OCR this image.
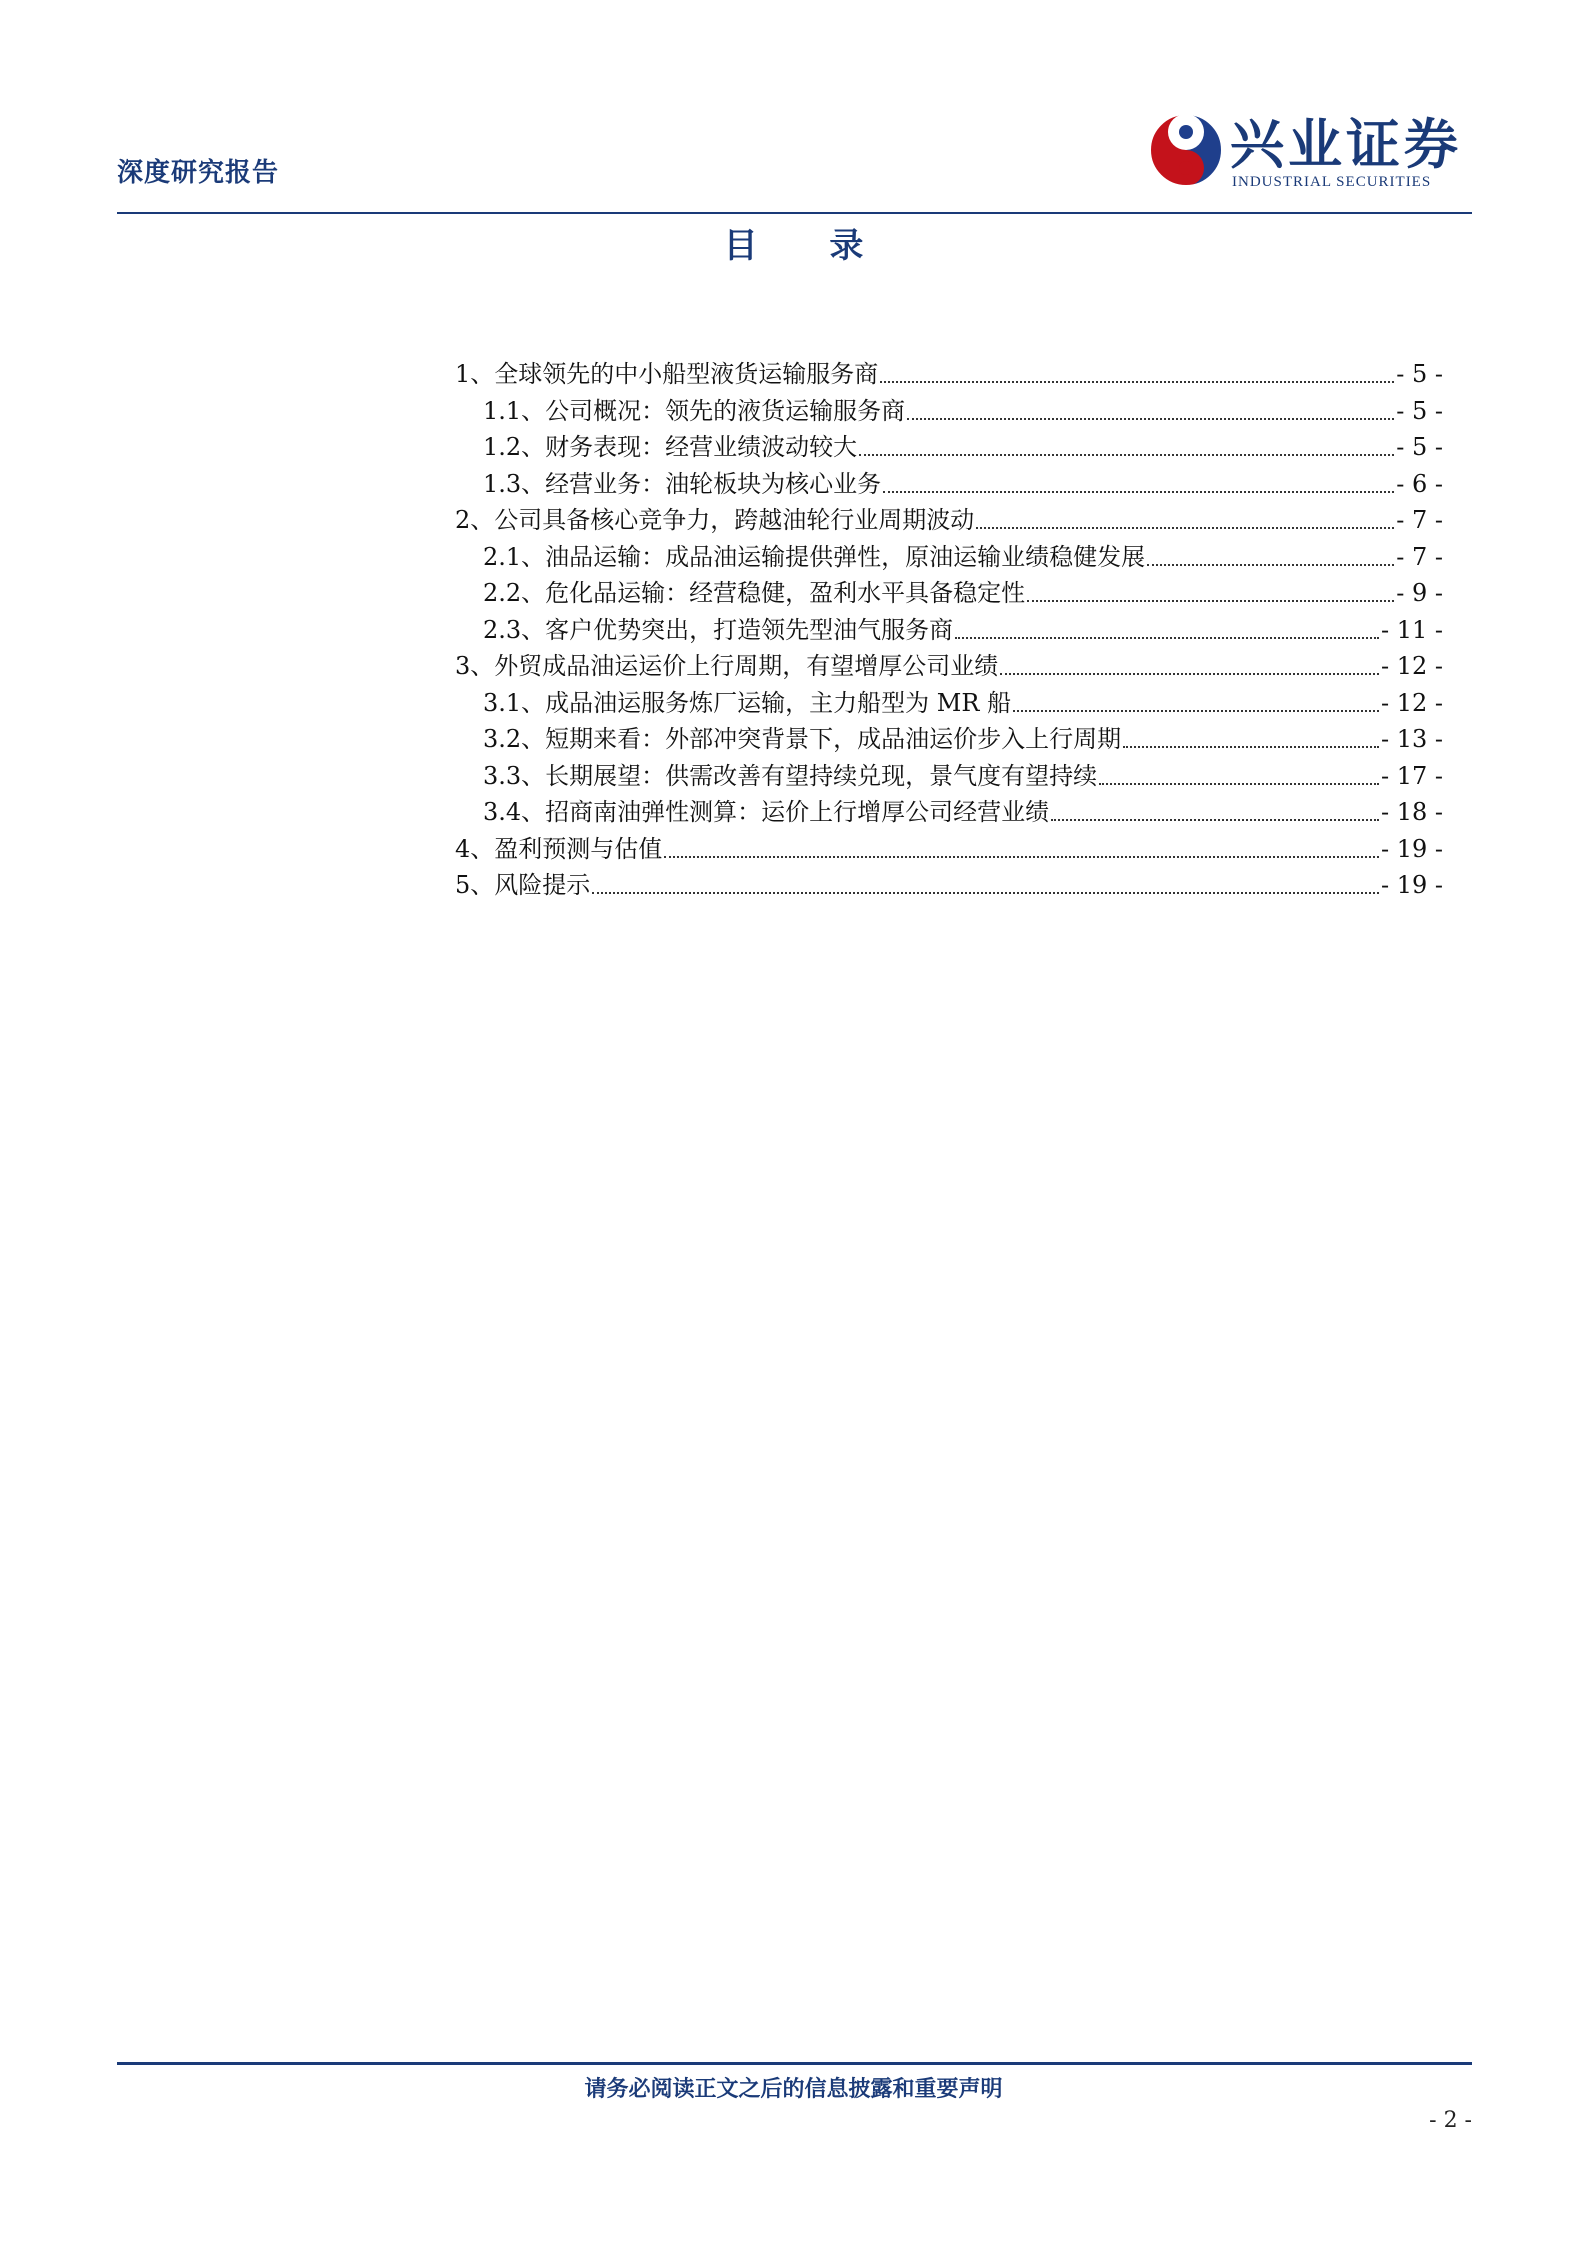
深度研究报告	兴业证券
INDUSTRIAL SECURITIES
目 录
1、全球领先的中小船型液货运输服务商	- 5 -
1.1、公司概况：领先的液货运输服务商	- 5 -
1.2、财务表现：经营业绩波动较大	- 5 -
1.3、经营业务：油轮板块为核心业务	- 6 -
2、公司具备核心竞争力，跨越油轮行业周期波动	- 7 -
2.1、油品运输：成品油运输提供弹性，原油运输业绩稳健发展	- 7 -
2.2、危化品运输：经营稳健，盈利水平具备稳定性	- 9 -
2.3、客户优势突出，打造领先型油气服务商	- 11 -
3、外贸成品油运运价上行周期，有望增厚公司业绩	- 12 -
3.1、成品油运服务炼厂运输，主力船型为 MR 船	- 12 -
3.2、短期来看：外部冲突背景下，成品油运价步入上行周期	- 13 -
3.3、长期展望：供需改善有望持续兑现，景气度有望持续	- 17 -
3.4、招商南油弹性测算：运价上行增厚公司经营业绩	- 18 -
4、盈利预测与估值	- 19 -
5、风险提示	- 19 -
请务必阅读正文之后的信息披露和重要声明
- 2 -
